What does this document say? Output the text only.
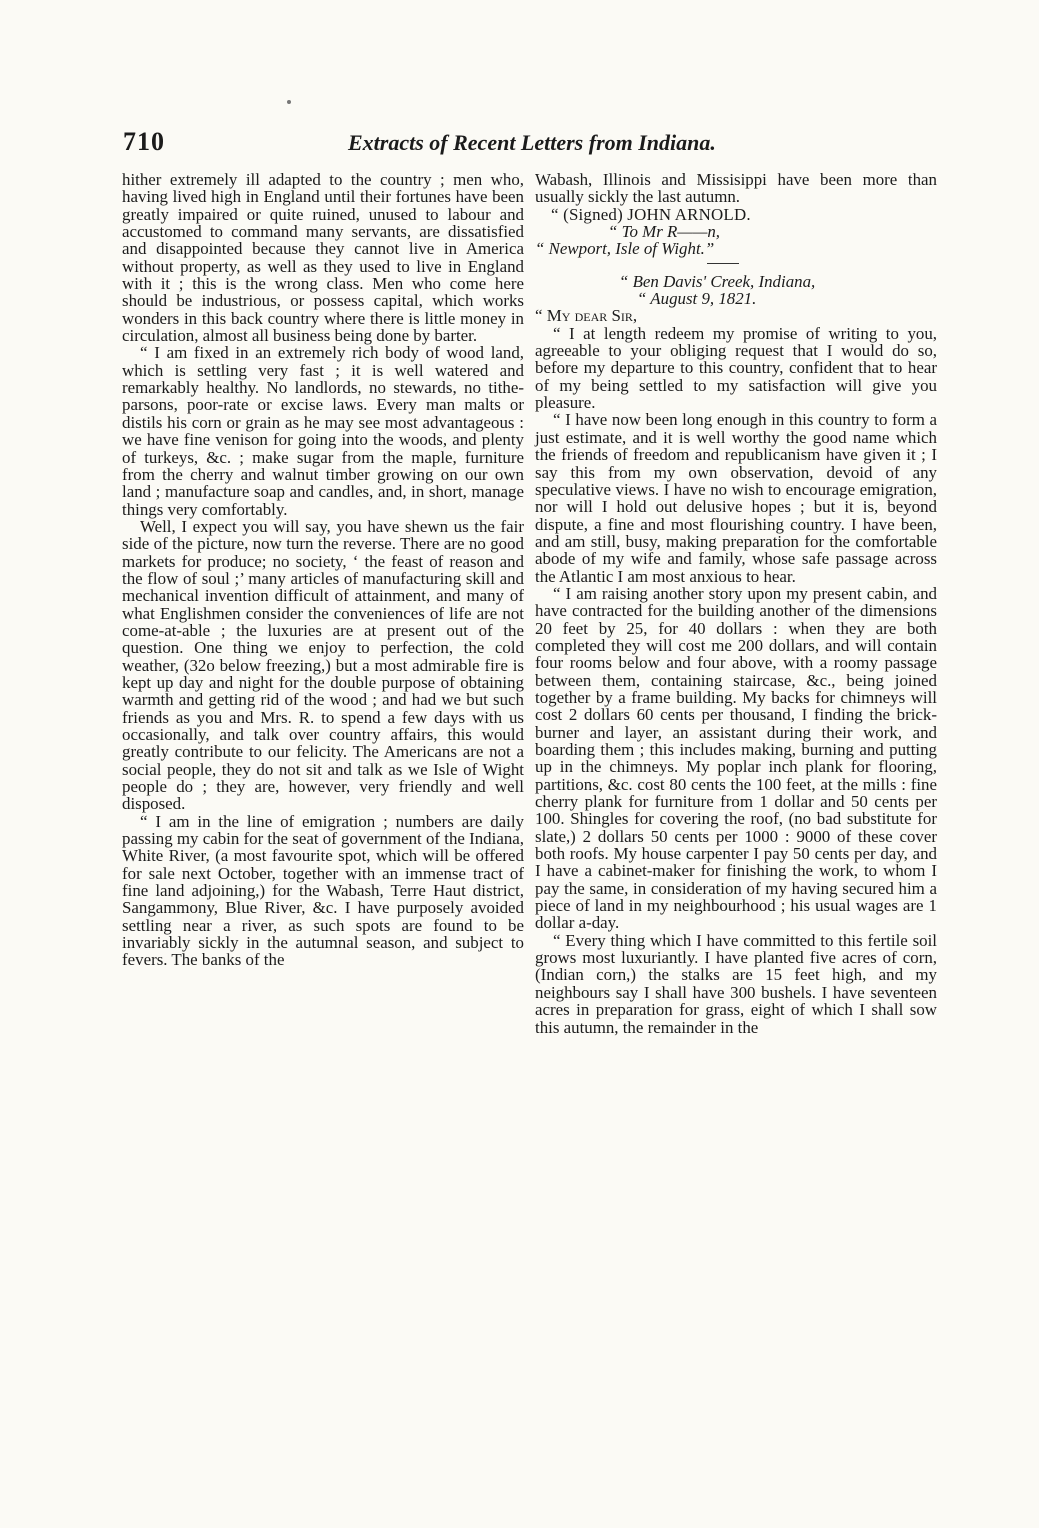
710	Extracts of Recent Letters from Indiana.

hither extremely ill adapted to the country ; men who, having lived high in England until their fortunes have been greatly impaired or quite ruined, unused to labour and accustomed to command many servants, are dissatisfied and disappointed because they cannot live in America without property, as well as they used to live in England with it ; this is the wrong class. Men who come here should be industrious, or possess capital, which works wonders in this back country where there is little money in circulation, almost all business being done by barter.

“ I am fixed in an extremely rich body of wood land, which is settling very fast ; it is well watered and remarkably healthy. No landlords, no stewards, no tithe-parsons, poor-rate or excise laws. Every man malts or distils his corn or grain as he may see most advantageous : we have fine venison for going into the woods, and plenty of turkeys, &c. ; make sugar from the maple, furniture from the cherry and walnut timber growing on our own land ; manufacture soap and candles, and, in short, manage things very comfortably.

Well, I expect you will say, you have shewn us the fair side of the picture, now turn the reverse. There are no good markets for produce; no society, ‘ the feast of reason and the flow of soul ;’ many articles of manufacturing skill and mechanical invention difficult of attainment, and many of what Englishmen consider the conveniences of life are not come-at-able ; the luxuries are at present out of the question. One thing we enjoy to perfection, the cold weather, (32o below freezing,) but a most admirable fire is kept up day and night for the double purpose of obtaining warmth and getting rid of the wood ; and had we but such friends as you and Mrs. R. to spend a few days with us occasionally, and talk over country affairs, this would greatly contribute to our felicity. The Americans are not a social people, they do not sit and talk as we Isle of Wight people do ; they are, however, very friendly and well disposed.

“ I am in the line of emigration ; numbers are daily passing my cabin for the seat of government of the Indiana, White River, (a most favourite spot, which will be offered for sale next October, together with an immense tract of fine land adjoining,) for the Wabash, Terre Haut district, Sangammony, Blue River, &c. I have purposely avoided settling near a river, as such spots are found to be invariably sickly in the autumnal season, and subject to fevers. The banks of the

Wabash, Illinois and Missisippi have been more than usually sickly the last autumn.

“ (Signed) JOHN ARNOLD.
“ To Mr R——n,
“ Newport, Isle of Wight.”
“ Ben Davis' Creek, Indiana,
“ August 9, 1821.
“ My dear Sir,

“ I at length redeem my promise of writing to you, agreeable to your obliging request that I would do so, before my departure to this country, confident that to hear of my being settled to my satisfaction will give you pleasure.

“ I have now been long enough in this country to form a just estimate, and it is well worthy the good name which the friends of freedom and republicanism have given it ; I say this from my own observation, devoid of any speculative views. I have no wish to encourage emigration, nor will I hold out delusive hopes ; but it is, beyond dispute, a fine and most flourishing country. I have been, and am still, busy, making preparation for the comfortable abode of my wife and family, whose safe passage across the Atlantic I am most anxious to hear.

“ I am raising another story upon my present cabin, and have contracted for the building another of the dimensions 20 feet by 25, for 40 dollars : when they are both completed they will cost me 200 dollars, and will contain four rooms below and four above, with a roomy passage between them, containing staircase, &c., being joined together by a frame building. My backs for chimneys will cost 2 dollars 60 cents per thousand, I finding the brick-burner and layer, an assistant during their work, and boarding them ; this includes making, burning and putting up in the chimneys. My poplar inch plank for flooring, partitions, &c. cost 80 cents the 100 feet, at the mills : fine cherry plank for furniture from 1 dollar and 50 cents per 100. Shingles for covering the roof, (no bad substitute for slate,) 2 dollars 50 cents per 1000 : 9000 of these cover both roofs. My house carpenter I pay 50 cents per day, and I have a cabinet-maker for finishing the work, to whom I pay the same, in consideration of my having secured him a piece of land in my neighbourhood ; his usual wages are 1 dollar a-day.

“ Every thing which I have committed to this fertile soil grows most luxuriantly. I have planted five acres of corn, (Indian corn,) the stalks are 15 feet high, and my neighbours say I shall have 300 bushels. I have seventeen acres in preparation for grass, eight of which I shall sow this autumn, the remainder in the
